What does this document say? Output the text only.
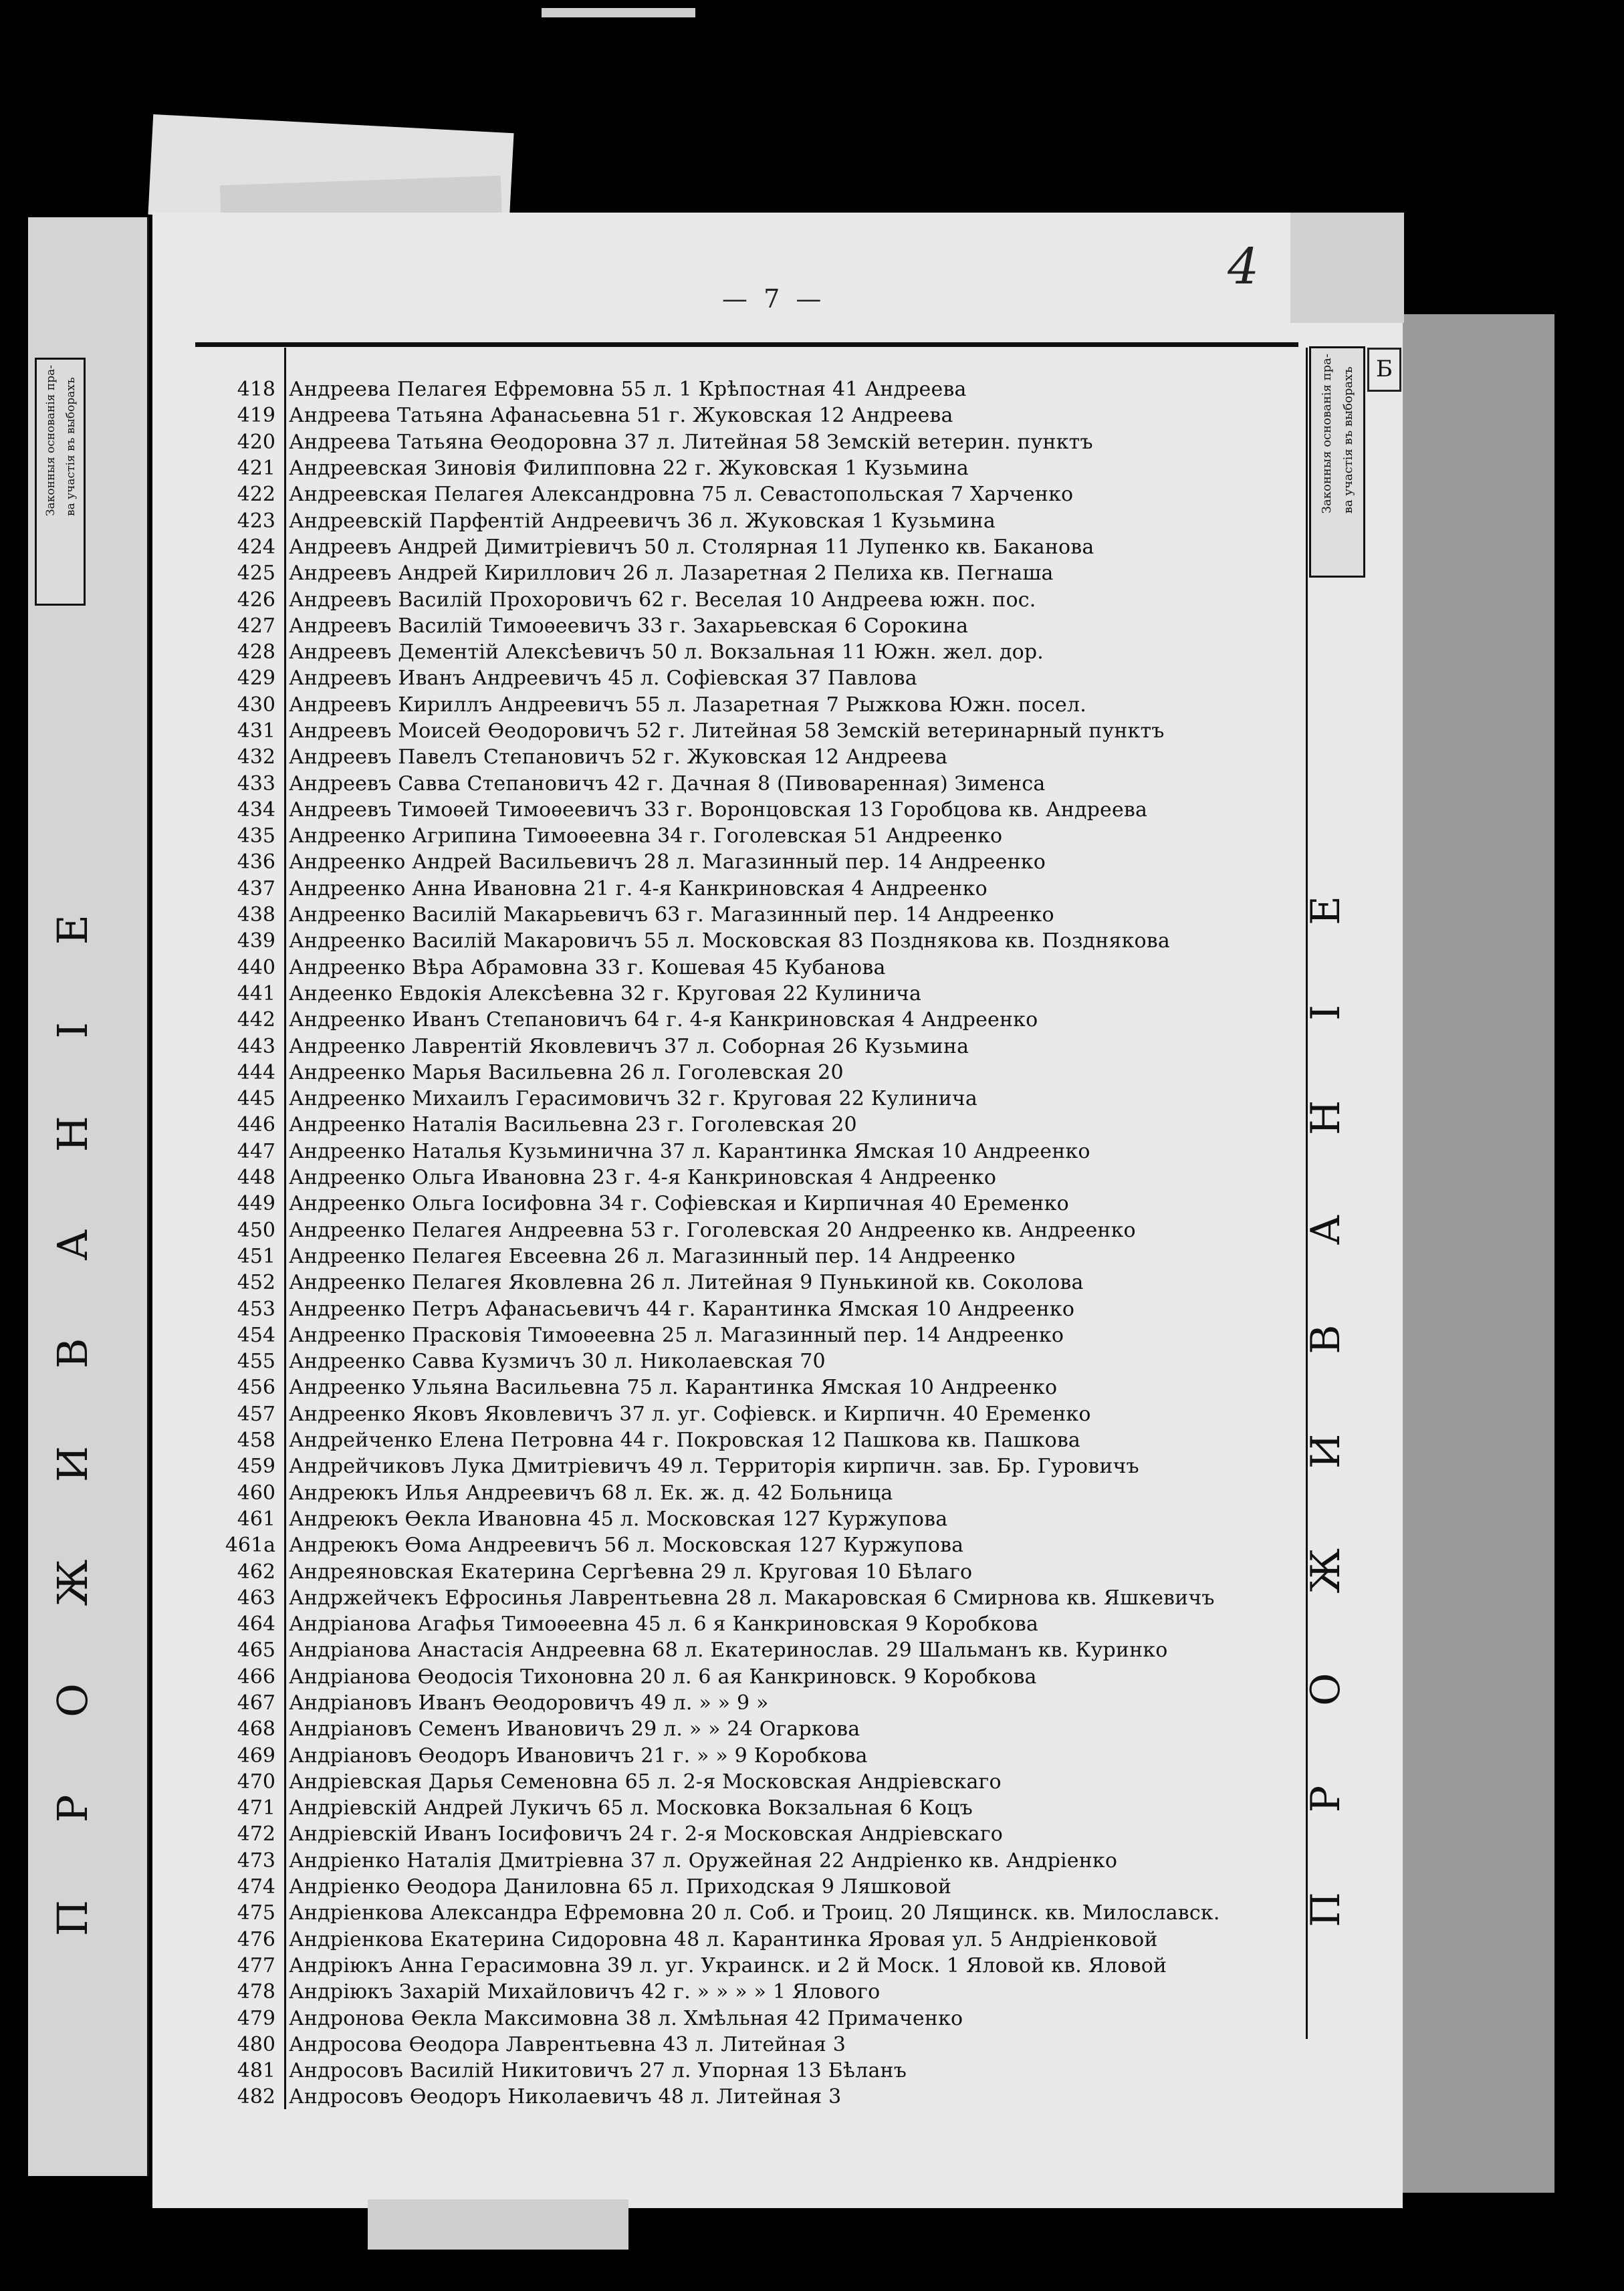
Законныя основанія пра- ва участія въ выборахъ
П Р О Ж И В А Н І Е
— 7 —
4
Законныя основанія пра- ва участія въ выборахъ Б
П Р О Ж И В А Н І Е
418 Андреева Пелагея Ефремовна 55 л. 1 Крѣпостная 41 Андреева
419 Андреева Татьяна Афанасьевна 51 г. Жуковская 12 Андреева
420 Андреева Татьяна Ѳеодоровна 37 л. Литейная 58 Земскій ветерин. пунктъ
421 Андреевская Зиновія Филипповна 22 г. Жуковская 1 Кузьмина
422 Андреевская Пелагея Александровна 75 л. Севастопольская 7 Харченко
423 Андреевскій Парфентій Андреевичъ 36 л. Жуковская 1 Кузьмина
424 Андреевъ Андрей Димитріевичъ 50 л. Столярная 11 Лупенко кв. Баканова
425 Андреевъ Андрей Кириллович 26 л. Лазаретная 2 Пелиха кв. Пегнаша
426 Андреевъ Василій Прохоровичъ 62 г. Веселая 10 Андреева южн. пос.
427 Андреевъ Василій Тимоѳеевичъ 33 г. Захарьевская 6 Сорокина
428 Андреевъ Дементій Алексѣевичъ 50 л. Вокзальная 11 Южн. жел. дор.
429 Андреевъ Иванъ Андреевичъ 45 л. Софіевская 37 Павлова
430 Андреевъ Кириллъ Андреевичъ 55 л. Лазаретная 7 Рыжкова Южн. посел.
431 Андреевъ Моисей Ѳеодоровичъ 52 г. Литейная 58 Земскій ветеринарный пунктъ
432 Андреевъ Павелъ Степановичъ 52 г. Жуковская 12 Андреева
433 Андреевъ Савва Степановичъ 42 г. Дачная 8 (Пивоваренная) Зименса
434 Андреевъ Тимоѳей Тимоѳеевичъ 33 г. Воронцовская 13 Горобцова кв. Андреева
435 Андреенко Агрипина Тимоѳеевна 34 г. Гоголевская 51 Андреенко
436 Андреенко Андрей Васильевичъ 28 л. Магазинный пер. 14 Андреенко
437 Андреенко Анна Ивановна 21 г. 4-я Канкриновская 4 Андреенко
438 Андреенко Василій Макарьевичъ 63 г. Магазинный пер. 14 Андреенко
439 Андреенко Василій Макаровичъ 55 л. Московская 83 Позднякова кв. Позднякова
440 Андреенко Вѣра Абрамовна 33 г. Кошевая 45 Кубанова
441 Андеенко Евдокія Алексѣевна 32 г. Круговая 22 Кулинича
442 Андреенко Иванъ Степановичъ 64 г. 4-я Канкриновская 4 Андреенко
443 Андреенко Лаврентій Яковлевичъ 37 л. Соборная 26 Кузьмина
444 Андреенко Марья Васильевна 26 л. Гоголевская 20
445 Андреенко Михаилъ Герасимовичъ 32 г. Круговая 22 Кулинича
446 Андреенко Наталія Васильевна 23 г. Гоголевская 20
447 Андреенко Наталья Кузьминична 37 л. Карантинка Ямская 10 Андреенко
448 Андреенко Ольга Ивановна 23 г. 4-я Канкриновская 4 Андреенко
449 Андреенко Ольга Іосифовна 34 г. Софіевская и Кирпичная 40 Еременко
450 Андреенко Пелагея Андреевна 53 г. Гоголевская 20 Андреенко кв. Андреенко
451 Андреенко Пелагея Евсеевна 26 л. Магазинный пер. 14 Андреенко
452 Андреенко Пелагея Яковлевна 26 л. Литейная 9 Пунькиной кв. Соколова
453 Андреенко Петръ Афанасьевичъ 44 г. Карантинка Ямская 10 Андреенко
454 Андреенко Прасковія Тимоѳеевна 25 л. Магазинный пер. 14 Андреенко
455 Андреенко Савва Кузмичъ 30 л. Николаевская 70
456 Андреенко Ульяна Васильевна 75 л. Карантинка Ямская 10 Андреенко
457 Андреенко Яковъ Яковлевичъ 37 л. уг. Софіевск. и Кирпичн. 40 Еременко
458 Андрейченко Елена Петровна 44 г. Покровская 12 Пашкова кв. Пашкова
459 Андрейчиковъ Лука Дмитріевичъ 49 л. Территорія кирпичн. зав. Бр. Гуровичъ
460 Андреюкъ Илья Андреевичъ 68 л. Ек. ж. д. 42 Больница
461 Андреюкъ Ѳекла Ивановна 45 л. Московская 127 Куржупова
461а Андреюкъ Ѳома Андреевичъ 56 л. Московская 127 Куржупова
462 Андреяновская Екатерина Сергѣевна 29 л. Круговая 10 Бѣлаго
463 Андржейчекъ Ефросинья Лаврентьевна 28 л. Макаровская 6 Смирнова кв. Яшкевичъ
464 Андріанова Агафья Тимоѳеевна 45 л. 6 я Канкриновская 9 Коробкова
465 Андріанова Анастасія Андреевна 68 л. Екатеринослав. 29 Шальманъ кв. Куринко
466 Андріанова Ѳеодосія Тихоновна 20 л. 6 ая Канкриновск. 9 Коробкова
467 Андріановъ Иванъ Ѳеодоровичъ 49 л. » » 9 »
468 Андріановъ Семенъ Ивановичъ 29 л. » » 24 Огаркова
469 Андріановъ Ѳеодоръ Ивановичъ 21 г. » » 9 Коробкова
470 Андріевская Дарья Семеновна 65 л. 2-я Московская Андріевскаго
471 Андріевскій Андрей Лукичъ 65 л. Московка Вокзальная 6 Коцъ
472 Андріевскій Иванъ Іосифовичъ 24 г. 2-я Московская Андріевскаго
473 Андріенко Наталія Дмитріевна 37 л. Оружейная 22 Андріенко кв. Андріенко
474 Андріенко Ѳеодора Даниловна 65 л. Приходская 9 Ляшковой
475 Андріенкова Александра Ефремовна 20 л. Соб. и Троиц. 20 Лящинск. кв. Милославск.
476 Андріенкова Екатерина Сидоровна 48 л. Карантинка Яровая ул. 5 Андріенковой
477 Андріюкъ Анна Герасимовна 39 л. уг. Украинск. и 2 й Моск. 1 Яловой кв. Яловой
478 Андріюкъ Захарій Михайловичъ 42 г. » » » » 1 Ялового
479 Андронова Ѳекла Максимовна 38 л. Хмѣльная 42 Примаченко
480 Андросова Ѳеодора Лаврентьевна 43 л. Литейная 3
481 Андросовъ Василій Никитовичъ 27 л. Упорная 13 Бѣланъ
482 Андросовъ Ѳеодоръ Николаевичъ 48 л. Литейная 3
